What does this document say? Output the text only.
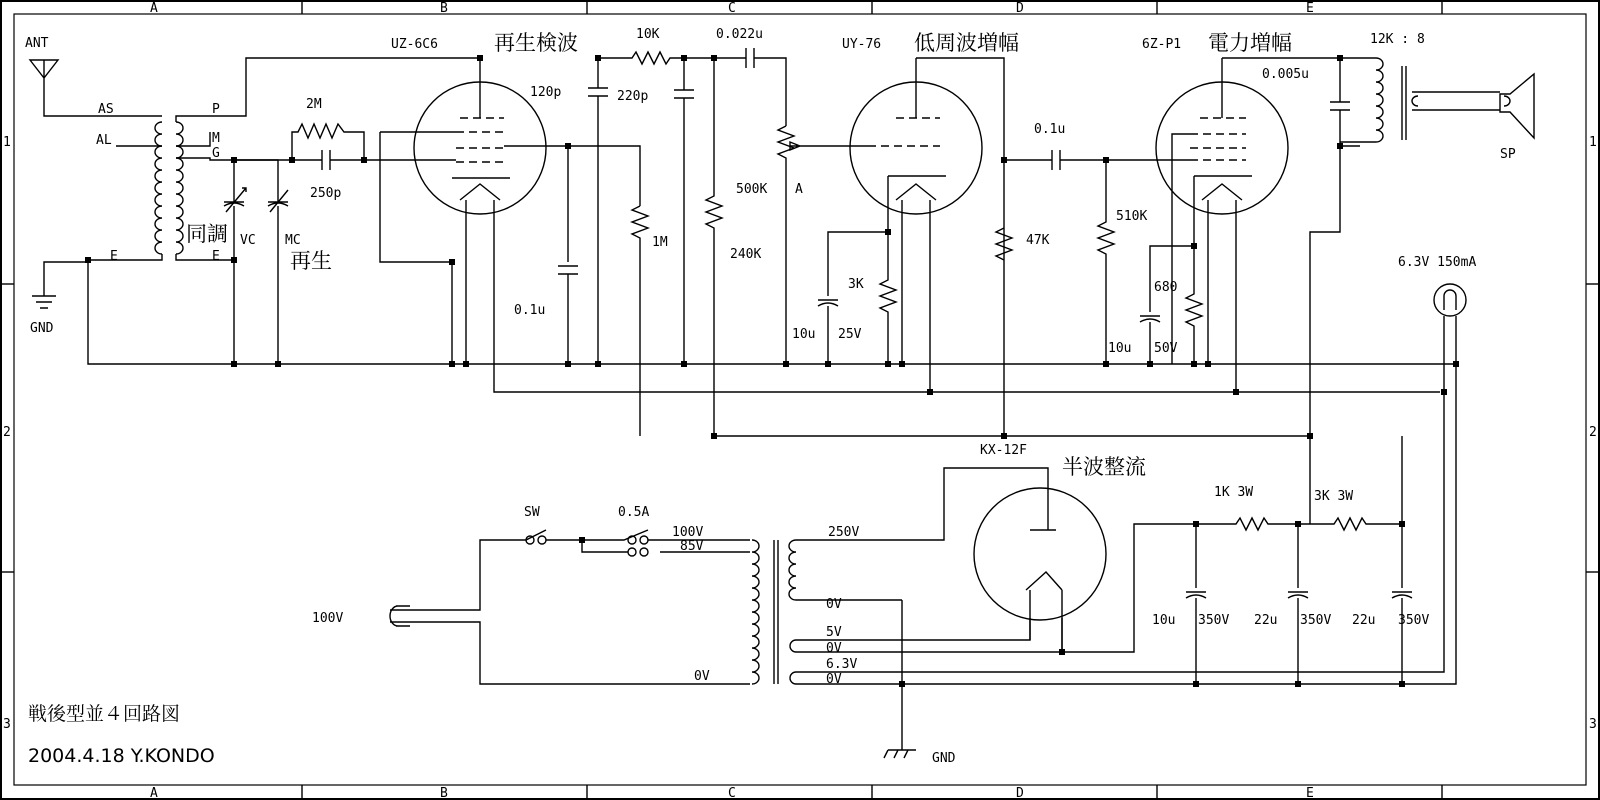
A	B	C	D	E
A	B	C	D	E
1
2
3
1
2
3
ANT
AS
AL
P
M
G
E	E
GND
同調 VC MC
再生
2M
250p
UZ-6C6	再生検波
0.1u
120p	220p
10K
240K
0.022u
500K A
1M
UY-76 低周波増幅
3K
10u 25V
0.1u
47K
510K
6Z-P1 電力増幅
680
10u 50V
0.005u
12K : 8
SP
6.3V 150mA
100V
SW	0.5A
100V
85V
0V
250V
0V
5V
0V
6.3V
0V
GND
KX-12F
半波整流
1K 3W	3K 3W
10u 350V 22u 350V 22u 350V
戦後型並４回路図
2004.4.18 Y.KONDO
